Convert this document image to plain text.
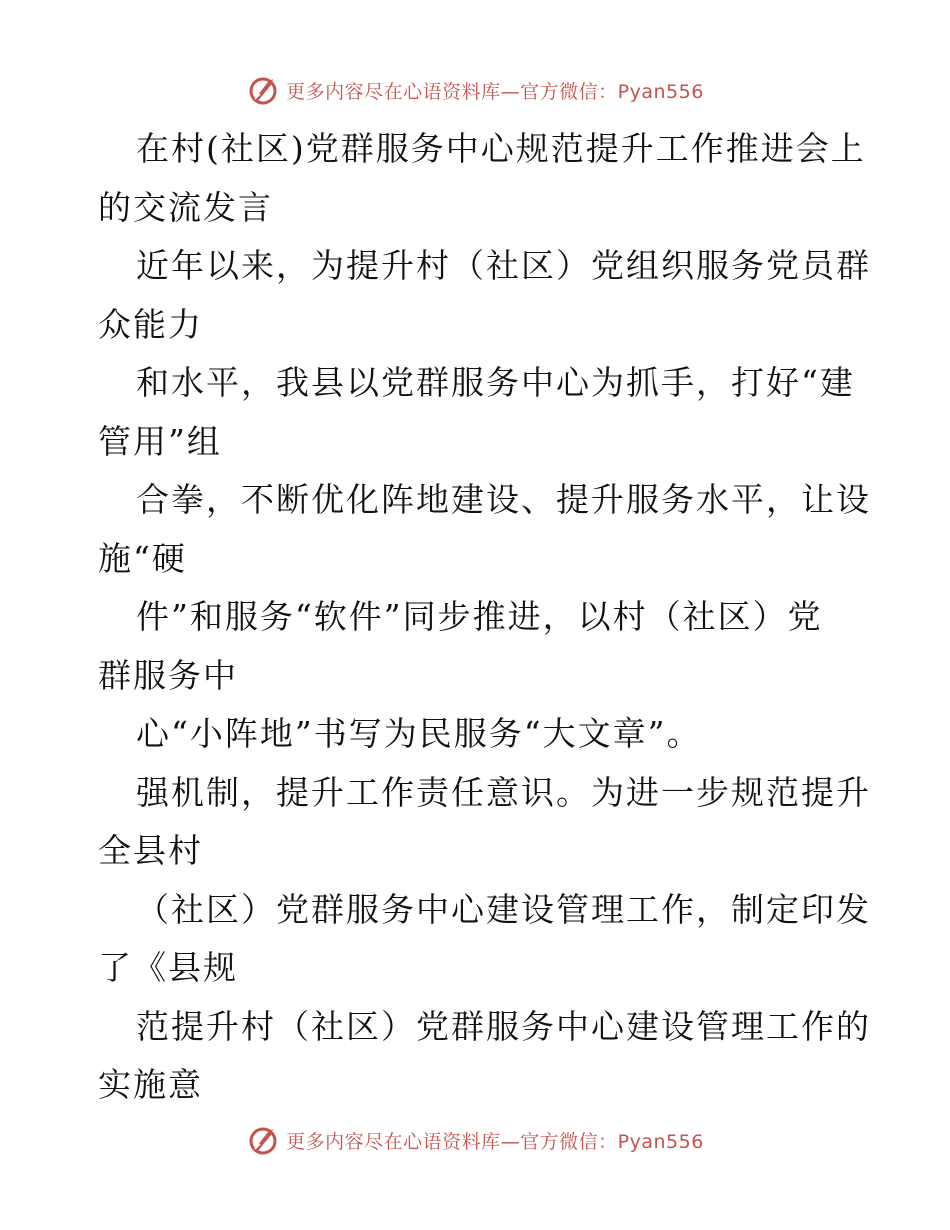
更多内容尽在心语资料库—官方微信：Pyan556
在村(社区)党群服务中心规范提升工作推进会上
的交流发言
近年以来，为提升村（社区）党组织服务党员群
众能力
和水平，我县以党群服务中心为抓手，打好“建
管用”组
合拳，不断优化阵地建设、提升服务水平，让设
施“硬
件”和服务“软件”同步推进，以村（社区）党
群服务中
心“小阵地”书写为民服务“大文章”。
强机制，提升工作责任意识。为进一步规范提升
全县村
（社区）党群服务中心建设管理工作，制定印发
了《县规
范提升村（社区）党群服务中心建设管理工作的
实施意
更多内容尽在心语资料库—官方微信：Pyan556
